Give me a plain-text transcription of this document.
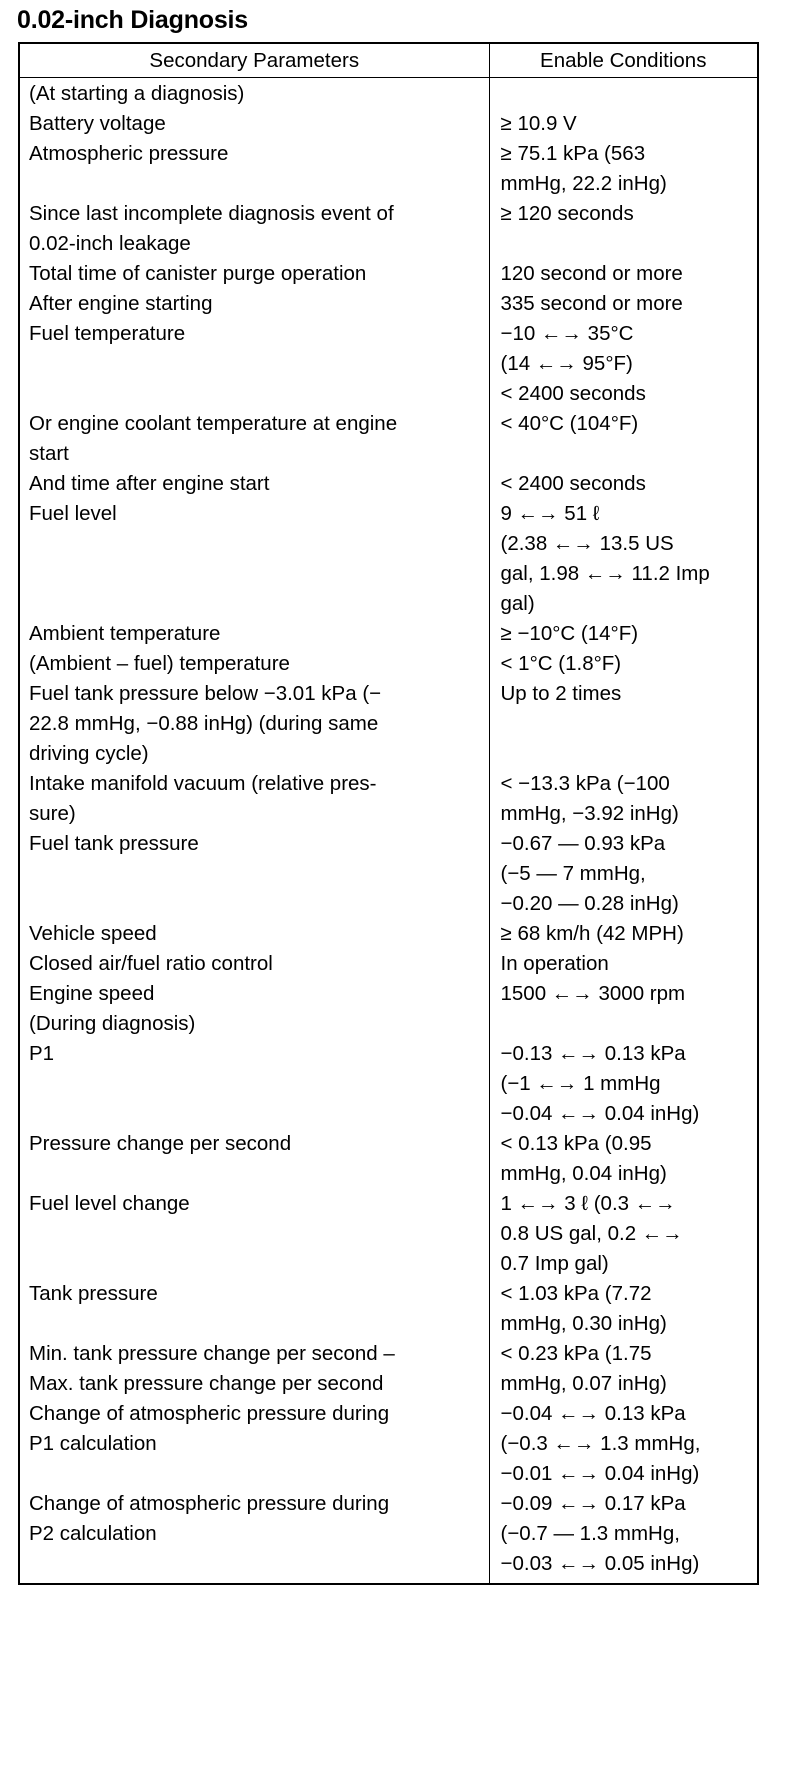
0.02-inch Diagnosis
Secondary Parameters	Enable Conditions
(At starting a diagnosis)	
Battery voltage	≥ 10.9 V
Atmospheric pressure	≥ 75.1 kPa (563
mmHg, 22.2 inHg)
Since last incomplete diagnosis event of
0.02-inch leakage	≥ 120 seconds
Total time of canister purge operation	120 second or more
After engine starting	335 second or more
Fuel temperature	−10 ←→ 35°C
(14 ←→ 95°F)
< 2400 seconds
Or engine coolant temperature at engine
start	< 40°C (104°F)
And time after engine start	< 2400 seconds
Fuel level	9 ←→ 51 ℓ
(2.38 ←→ 13.5 US
gal, 1.98 ←→ 11.2 Imp
gal)
Ambient temperature	≥ −10°C (14°F)
(Ambient – fuel) temperature	< 1°C (1.8°F)
Fuel tank pressure below −3.01 kPa (−
22.8 mmHg, −0.88 inHg) (during same
driving cycle)	Up to 2 times
Intake manifold vacuum (relative pres-
sure)	< −13.3 kPa (−100
mmHg, −3.92 inHg)
Fuel tank pressure	−0.67 — 0.93 kPa
(−5 — 7 mmHg,
−0.20 — 0.28 inHg)
Vehicle speed	≥ 68 km/h (42 MPH)
Closed air/fuel ratio control	In operation
Engine speed	1500 ←→ 3000 rpm
(During diagnosis)	
P1	−0.13 ←→ 0.13 kPa
(−1 ←→ 1 mmHg
−0.04 ←→ 0.04 inHg)
Pressure change per second	< 0.13 kPa (0.95
mmHg, 0.04 inHg)
Fuel level change	1 ←→ 3 ℓ (0.3 ←→
0.8 US gal, 0.2 ←→
0.7 Imp gal)
Tank pressure	< 1.03 kPa (7.72
mmHg, 0.30 inHg)
Min. tank pressure change per second –
Max. tank pressure change per second	< 0.23 kPa (1.75
mmHg, 0.07 inHg)
Change of atmospheric pressure during
P1 calculation	−0.04 ←→ 0.13 kPa
(−0.3 ←→ 1.3 mmHg,
−0.01 ←→ 0.04 inHg)
Change of atmospheric pressure during
P2 calculation	−0.09 ←→ 0.17 kPa
(−0.7 — 1.3 mmHg,
−0.03 ←→ 0.05 inHg)
